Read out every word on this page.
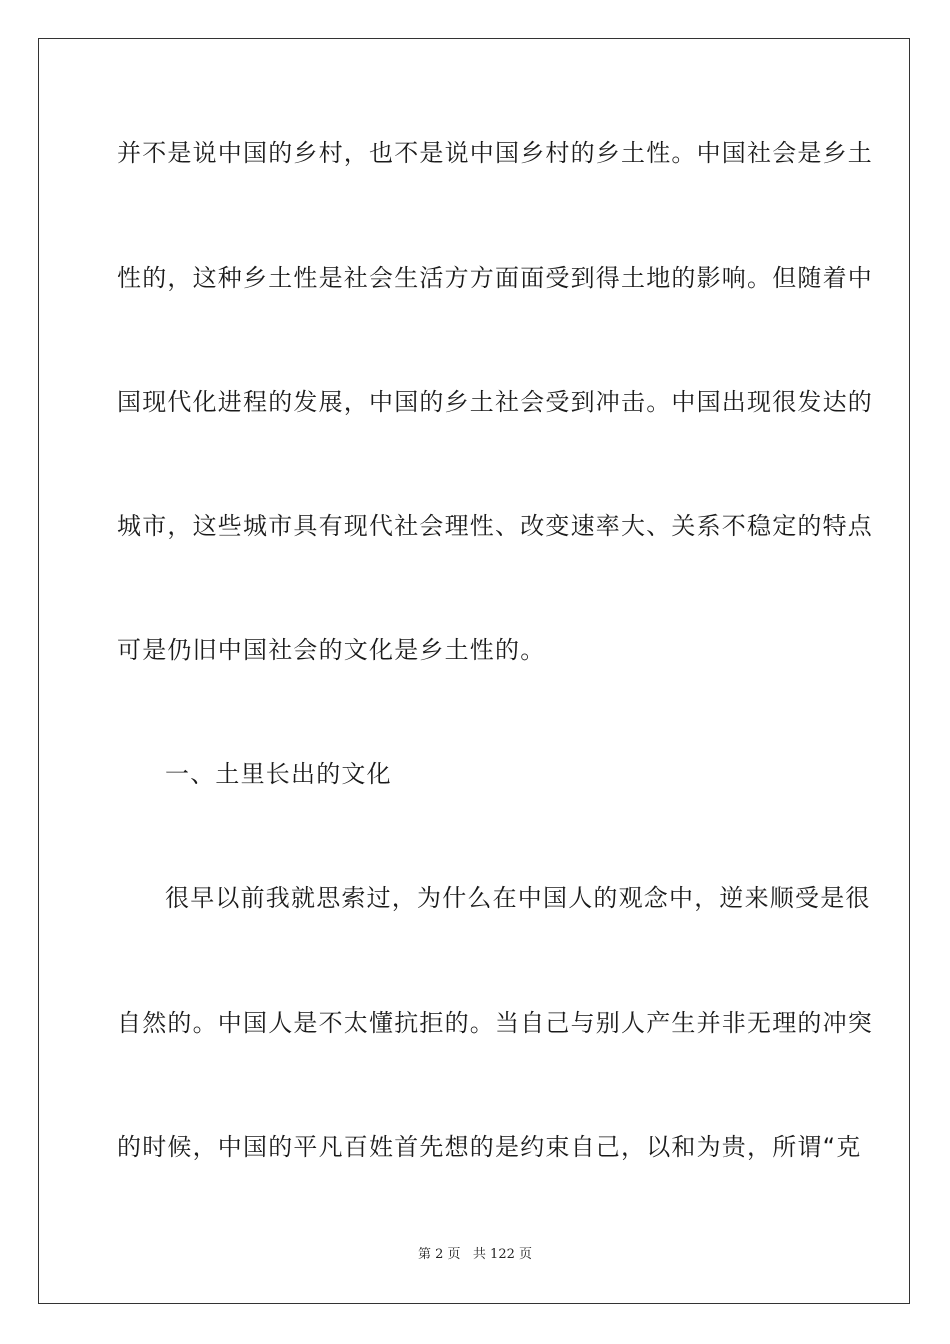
并不是说中国的乡村，也不是说中国乡村的乡土性。中国社会是乡土
性的，这种乡土性是社会生活方方面面受到得土地的影响。但随着中
国现代化进程的发展，中国的乡土社会受到冲击。中国出现很发达的
城市，这些城市具有现代社会理性、改变速率大、关系不稳定的特点
可是仍旧中国社会的文化是乡土性的。
一、土里长出的文化
很早以前我就思索过，为什么在中国人的观念中，逆来顺受是很
自然的。中国人是不太懂抗拒的。当自己与别人产生并非无理的冲突
的时候，中国的平凡百姓首先想的是约束自己，以和为贵，所谓“克
第 2 页   共 122 页
